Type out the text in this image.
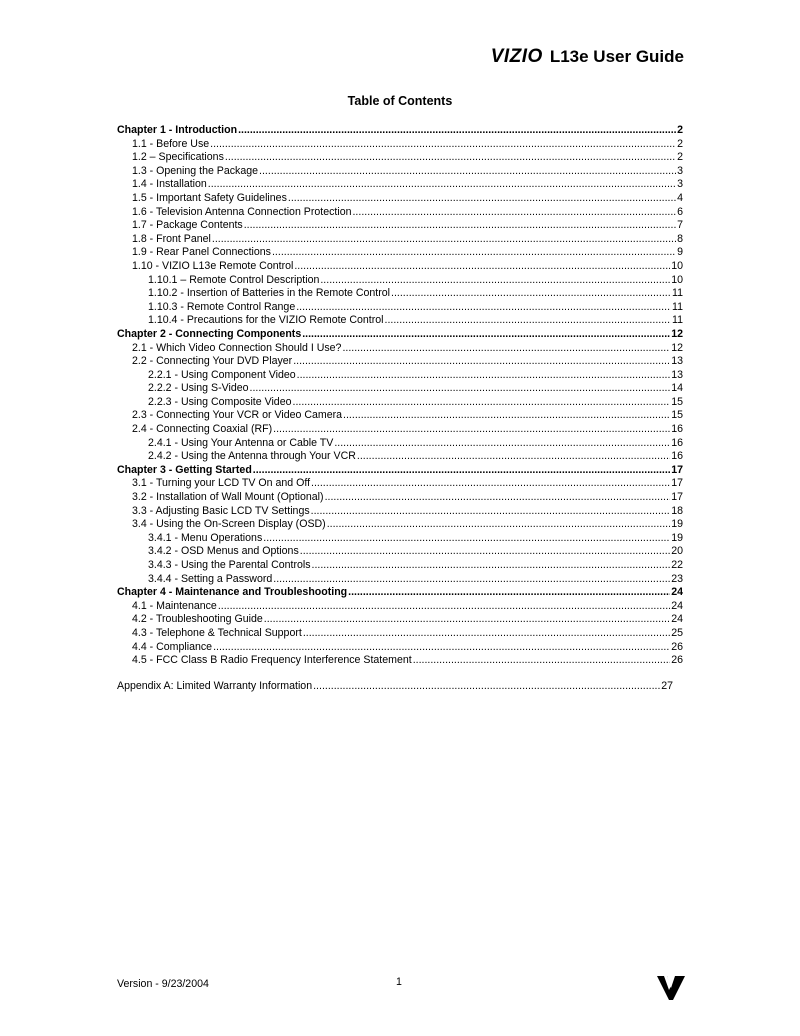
VIZIO L13e User Guide
Table of Contents
Chapter 1 - Introduction .....	2
1.1 - Before Use .....	2
1.2 – Specifications .....	2
1.3 - Opening the Package .....	3
1.4 - Installation .....	3
1.5 - Important Safety Guidelines .....	4
1.6 - Television Antenna Connection Protection .....	6
1.7 - Package Contents .....	7
1.8 - Front Panel .....	8
1.9 - Rear Panel Connections .....	9
1.10 - VIZIO L13e Remote Control .....	10
1.10.1 – Remote Control Description .....	10
1.10.2 - Insertion of Batteries in the Remote Control .....	11
1.10.3 - Remote Control Range .....	11
1.10.4 - Precautions for the VIZIO Remote Control .....	11
Chapter 2 - Connecting Components .....	12
2.1 - Which Video Connection Should I Use? .....	12
2.2 - Connecting Your DVD Player .....	13
2.2.1 - Using Component Video .....	13
2.2.2 - Using S-Video .....	14
2.2.3 - Using Composite Video .....	15
2.3 - Connecting Your VCR or Video Camera .....	15
2.4 - Connecting Coaxial (RF) .....	16
2.4.1 - Using Your Antenna or Cable TV .....	16
2.4.2 - Using the Antenna through Your VCR .....	16
Chapter 3 - Getting Started .....	17
3.1 - Turning your LCD TV On and Off .....	17
3.2 - Installation of Wall Mount (Optional) .....	17
3.3 - Adjusting Basic LCD TV Settings .....	18
3.4 - Using the On-Screen Display (OSD) .....	19
3.4.1 - Menu Operations .....	19
3.4.2 - OSD Menus and Options .....	20
3.4.3 - Using the Parental Controls .....	22
3.4.4 - Setting a Password .....	23
Chapter 4 - Maintenance and Troubleshooting .....	24
4.1 - Maintenance .....	24
4.2 - Troubleshooting Guide .....	24
4.3 - Telephone & Technical Support .....	25
4.4 - Compliance .....	26
4.5 - FCC Class B Radio Frequency Interference Statement .....	26
Appendix A: Limited Warranty Information .....	27
Version - 9/23/2004	1
